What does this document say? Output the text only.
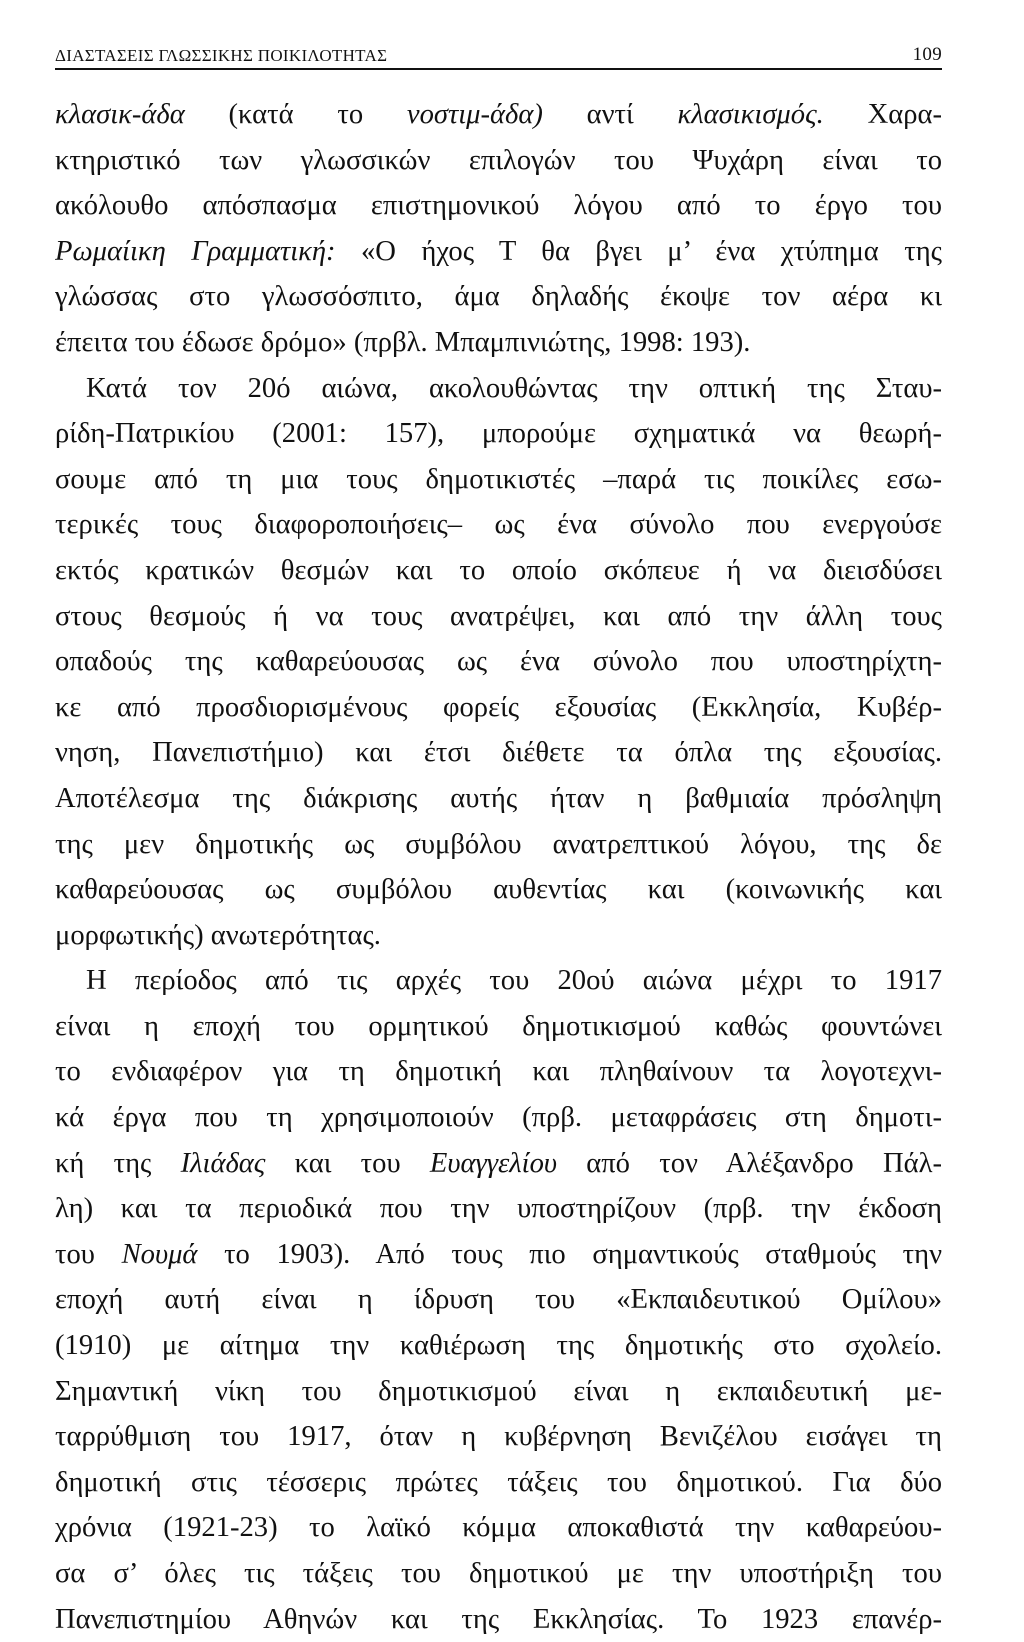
ΔΙΑΣΤΑΣΕΙΣ ΓΛΩΣΣΙΚΗΣ ΠΟΙΚΙΛΟΤΗΤΑΣ	109
κλασικ-άδα (κατά το νοστιμ-άδα) αντί κλασικισμός. Χαρα-
κτηριστικό των γλωσσικών επιλογών του Ψυχάρη είναι το
ακόλουθο απόσπασμα επιστημονικού λόγου από το έργο του
Ρωμαίικη Γραμματική: «Ο ήχος Τ θα βγει μ’ ένα χτύπημα της
γλώσσας στο γλωσσόσπιτο, άμα δηλαδής έκοψε τον αέρα κι
έπειτα του έδωσε δρόμο» (πρβλ. Μπαμπινιώτης, 1998: 193).
Κατά τον 20ό αιώνα, ακολουθώντας την οπτική της Σταυ-
ρίδη-Πατρικίου (2001: 157), μπορούμε σχηματικά να θεωρή-
σουμε από τη μια τους δημοτικιστές –παρά τις ποικίλες εσω-
τερικές τους διαφοροποιήσεις– ως ένα σύνολο που ενεργούσε
εκτός κρατικών θεσμών και το οποίο σκόπευε ή να διεισδύσει
στους θεσμούς ή να τους ανατρέψει, και από την άλλη τους
οπαδούς της καθαρεύουσας ως ένα σύνολο που υποστηρίχτη-
κε από προσδιορισμένους φορείς εξουσίας (Εκκλησία, Κυβέρ-
νηση, Πανεπιστήμιο) και έτσι διέθετε τα όπλα της εξουσίας.
Αποτέλεσμα της διάκρισης αυτής ήταν η βαθμιαία πρόσληψη
της μεν δημοτικής ως συμβόλου ανατρεπτικού λόγου, της δε
καθαρεύουσας ως συμβόλου αυθεντίας και (κοινωνικής και
μορφωτικής) ανωτερότητας.
Η περίοδος από τις αρχές του 20ού αιώνα μέχρι το 1917
είναι η εποχή του ορμητικού δημοτικισμού καθώς φουντώνει
το ενδιαφέρον για τη δημοτική και πληθαίνουν τα λογοτεχνι-
κά έργα που τη χρησιμοποιούν (πρβ. μεταφράσεις στη δημοτι-
κή της Ιλιάδας και του Ευαγγελίου από τον Αλέξανδρο Πάλ-
λη) και τα περιοδικά που την υποστηρίζουν (πρβ. την έκδοση
του Νουμά το 1903). Από τους πιο σημαντικούς σταθμούς την
εποχή αυτή είναι η ίδρυση του «Εκπαιδευτικού Ομίλου»
(1910) με αίτημα την καθιέρωση της δημοτικής στο σχολείο.
Σημαντική νίκη του δημοτικισμού είναι η εκπαιδευτική με-
ταρρύθμιση του 1917, όταν η κυβέρνηση Βενιζέλου εισάγει τη
δημοτική στις τέσσερις πρώτες τάξεις του δημοτικού. Για δύο
χρόνια (1921-23) το λαϊκό κόμμα αποκαθιστά την καθαρεύου-
σα σ’ όλες τις τάξεις του δημοτικού με την υποστήριξη του
Πανεπιστημίου Αθηνών και της Εκκλησίας. Το 1923 επανέρ-
